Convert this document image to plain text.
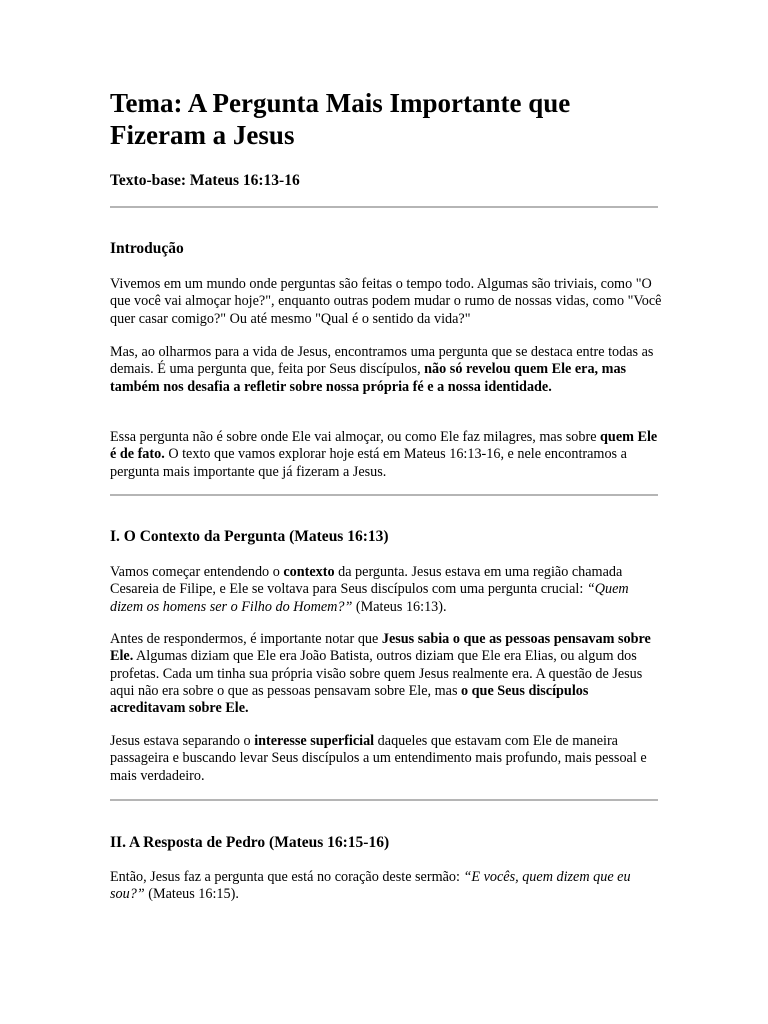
Tema: A Pergunta Mais Importante que Fizeram a Jesus

Texto-base: Mateus 16:13-16

Introdução

Vivemos em um mundo onde perguntas são feitas o tempo todo. Algumas são triviais, como "O que você vai almoçar hoje?", enquanto outras podem mudar o rumo de nossas vidas, como "Você quer casar comigo?" Ou até mesmo "Qual é o sentido da vida?"

Mas, ao olharmos para a vida de Jesus, encontramos uma pergunta que se destaca entre todas as demais. É uma pergunta que, feita por Seus discípulos, não só revelou quem Ele era, mas também nos desafia a refletir sobre nossa própria fé e a nossa identidade.

Essa pergunta não é sobre onde Ele vai almoçar, ou como Ele faz milagres, mas sobre quem Ele é de fato. O texto que vamos explorar hoje está em Mateus 16:13-16, e nele encontramos a pergunta mais importante que já fizeram a Jesus.

I. O Contexto da Pergunta (Mateus 16:13)

Vamos começar entendendo o contexto da pergunta. Jesus estava em uma região chamada Cesareia de Filipe, e Ele se voltava para Seus discípulos com uma pergunta crucial: “Quem dizem os homens ser o Filho do Homem?” (Mateus 16:13).

Antes de respondermos, é importante notar que Jesus sabia o que as pessoas pensavam sobre Ele. Algumas diziam que Ele era João Batista, outros diziam que Ele era Elias, ou algum dos profetas. Cada um tinha sua própria visão sobre quem Jesus realmente era. A questão de Jesus aqui não era sobre o que as pessoas pensavam sobre Ele, mas o que Seus discípulos acreditavam sobre Ele.

Jesus estava separando o interesse superficial daqueles que estavam com Ele de maneira passageira e buscando levar Seus discípulos a um entendimento mais profundo, mais pessoal e mais verdadeiro.

II. A Resposta de Pedro (Mateus 16:15-16)

Então, Jesus faz a pergunta que está no coração deste sermão: “E vocês, quem dizem que eu sou?” (Mateus 16:15).
